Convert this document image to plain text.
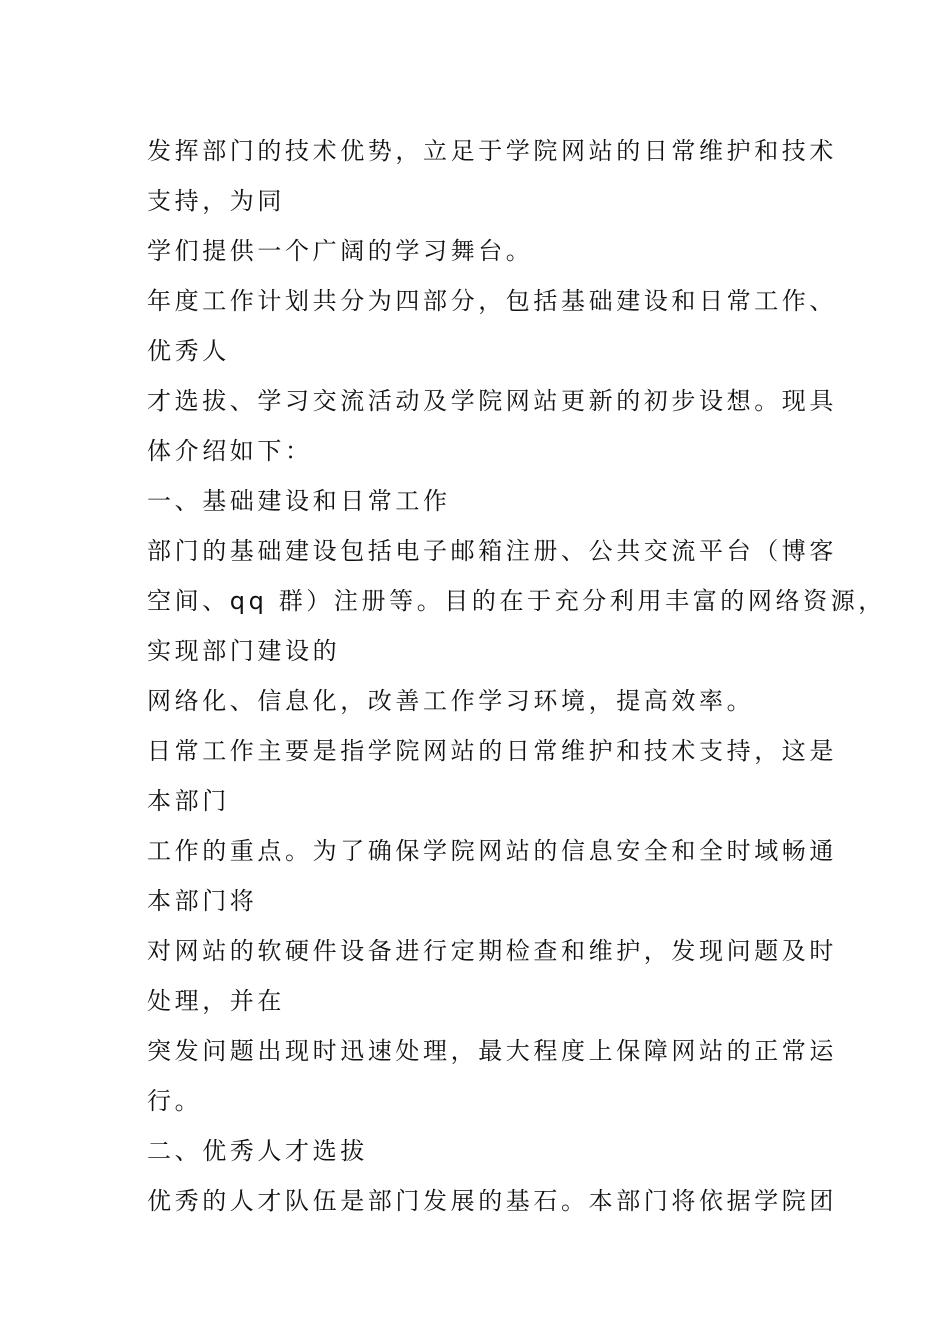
发挥部门的技术优势，立足于学院网站的日常维护和技术
支持，为同
学们提供一个广阔的学习舞台。
年度工作计划共分为四部分，包括基础建设和日常工作、
优秀人
才选拔、学习交流活动及学院网站更新的初步设想。现具
体介绍如下：
一、基础建设和日常工作
部门的基础建设包括电子邮箱注册、公共交流平台（博客
空间、qq 群）注册等。目的在于充分利用丰富的网络资源，
实现部门建设的
网络化、信息化，改善工作学习环境，提高效率。
日常工作主要是指学院网站的日常维护和技术支持，这是
本部门
工作的重点。为了确保学院网站的信息安全和全时域畅通
本部门将
对网站的软硬件设备进行定期检查和维护，发现问题及时
处理，并在
突发问题出现时迅速处理，最大程度上保障网站的正常运
行。
二、优秀人才选拔
优秀的人才队伍是部门发展的基石。本部门将依据学院团
